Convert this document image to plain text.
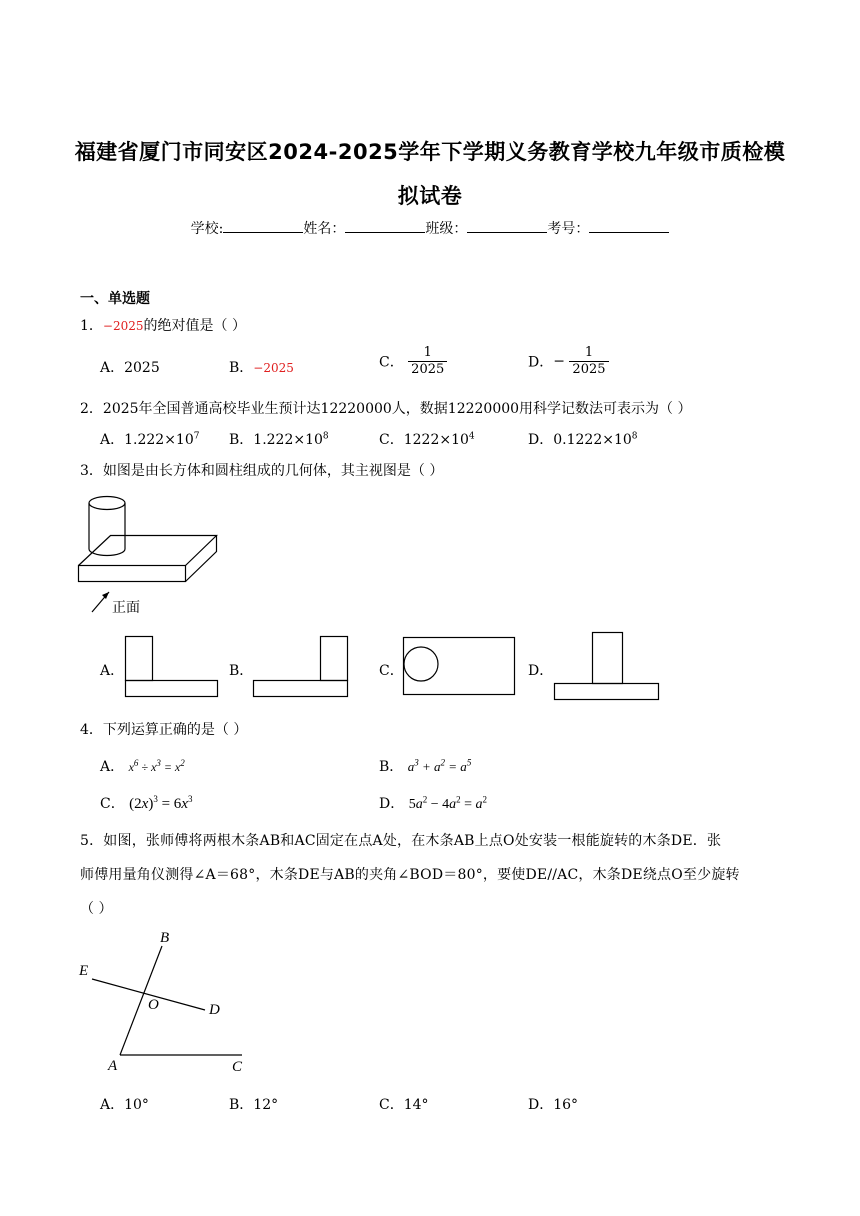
福建省厦门市同安区2024-2025学年下学期义务教育学校九年级市质检模
拟试卷
学校:	姓名：	班级：	考号：
一、单选题
1．−2025的绝对值是（ ）
A．2025	B．−2025	C． $\frac{1}{2025}$	D．− $\frac{1}{2025}$
2．2025年全国普通高校毕业生预计达12220000人，数据12220000用科学记数法可表示为（ ）
A．$1.222\times 10^7$ B．$1.222\times 10^8$	C．$1222\times 10^4$	D．$0.1222\times 10^8$
3．如图是由长方体和圆柱组成的几何体，其主视图是（ ）
正面
A．	B．	C．	D．
4．下列运算正确的是（ ）
A． $x^6 \div x^3 = x^2$	B． $a^3 + a^2 = a^5$
C． $(2x)^3 = 6x^3$	D． $5a^2 - 4a^2 = a^2$
5．如图，张师傅将两根木条AB和AC固定在点A处，在木条AB上点O处安装一根能旋转的木条DE．张
师傅用量角仪测得∠A＝68°，木条DE与AB的夹角∠BOD＝80°，要使DE//AC，木条DE绕点O至少旋转
（ ）
B
E
O	D
A	C
A．10°	B．12°	C．14°	D．16°
